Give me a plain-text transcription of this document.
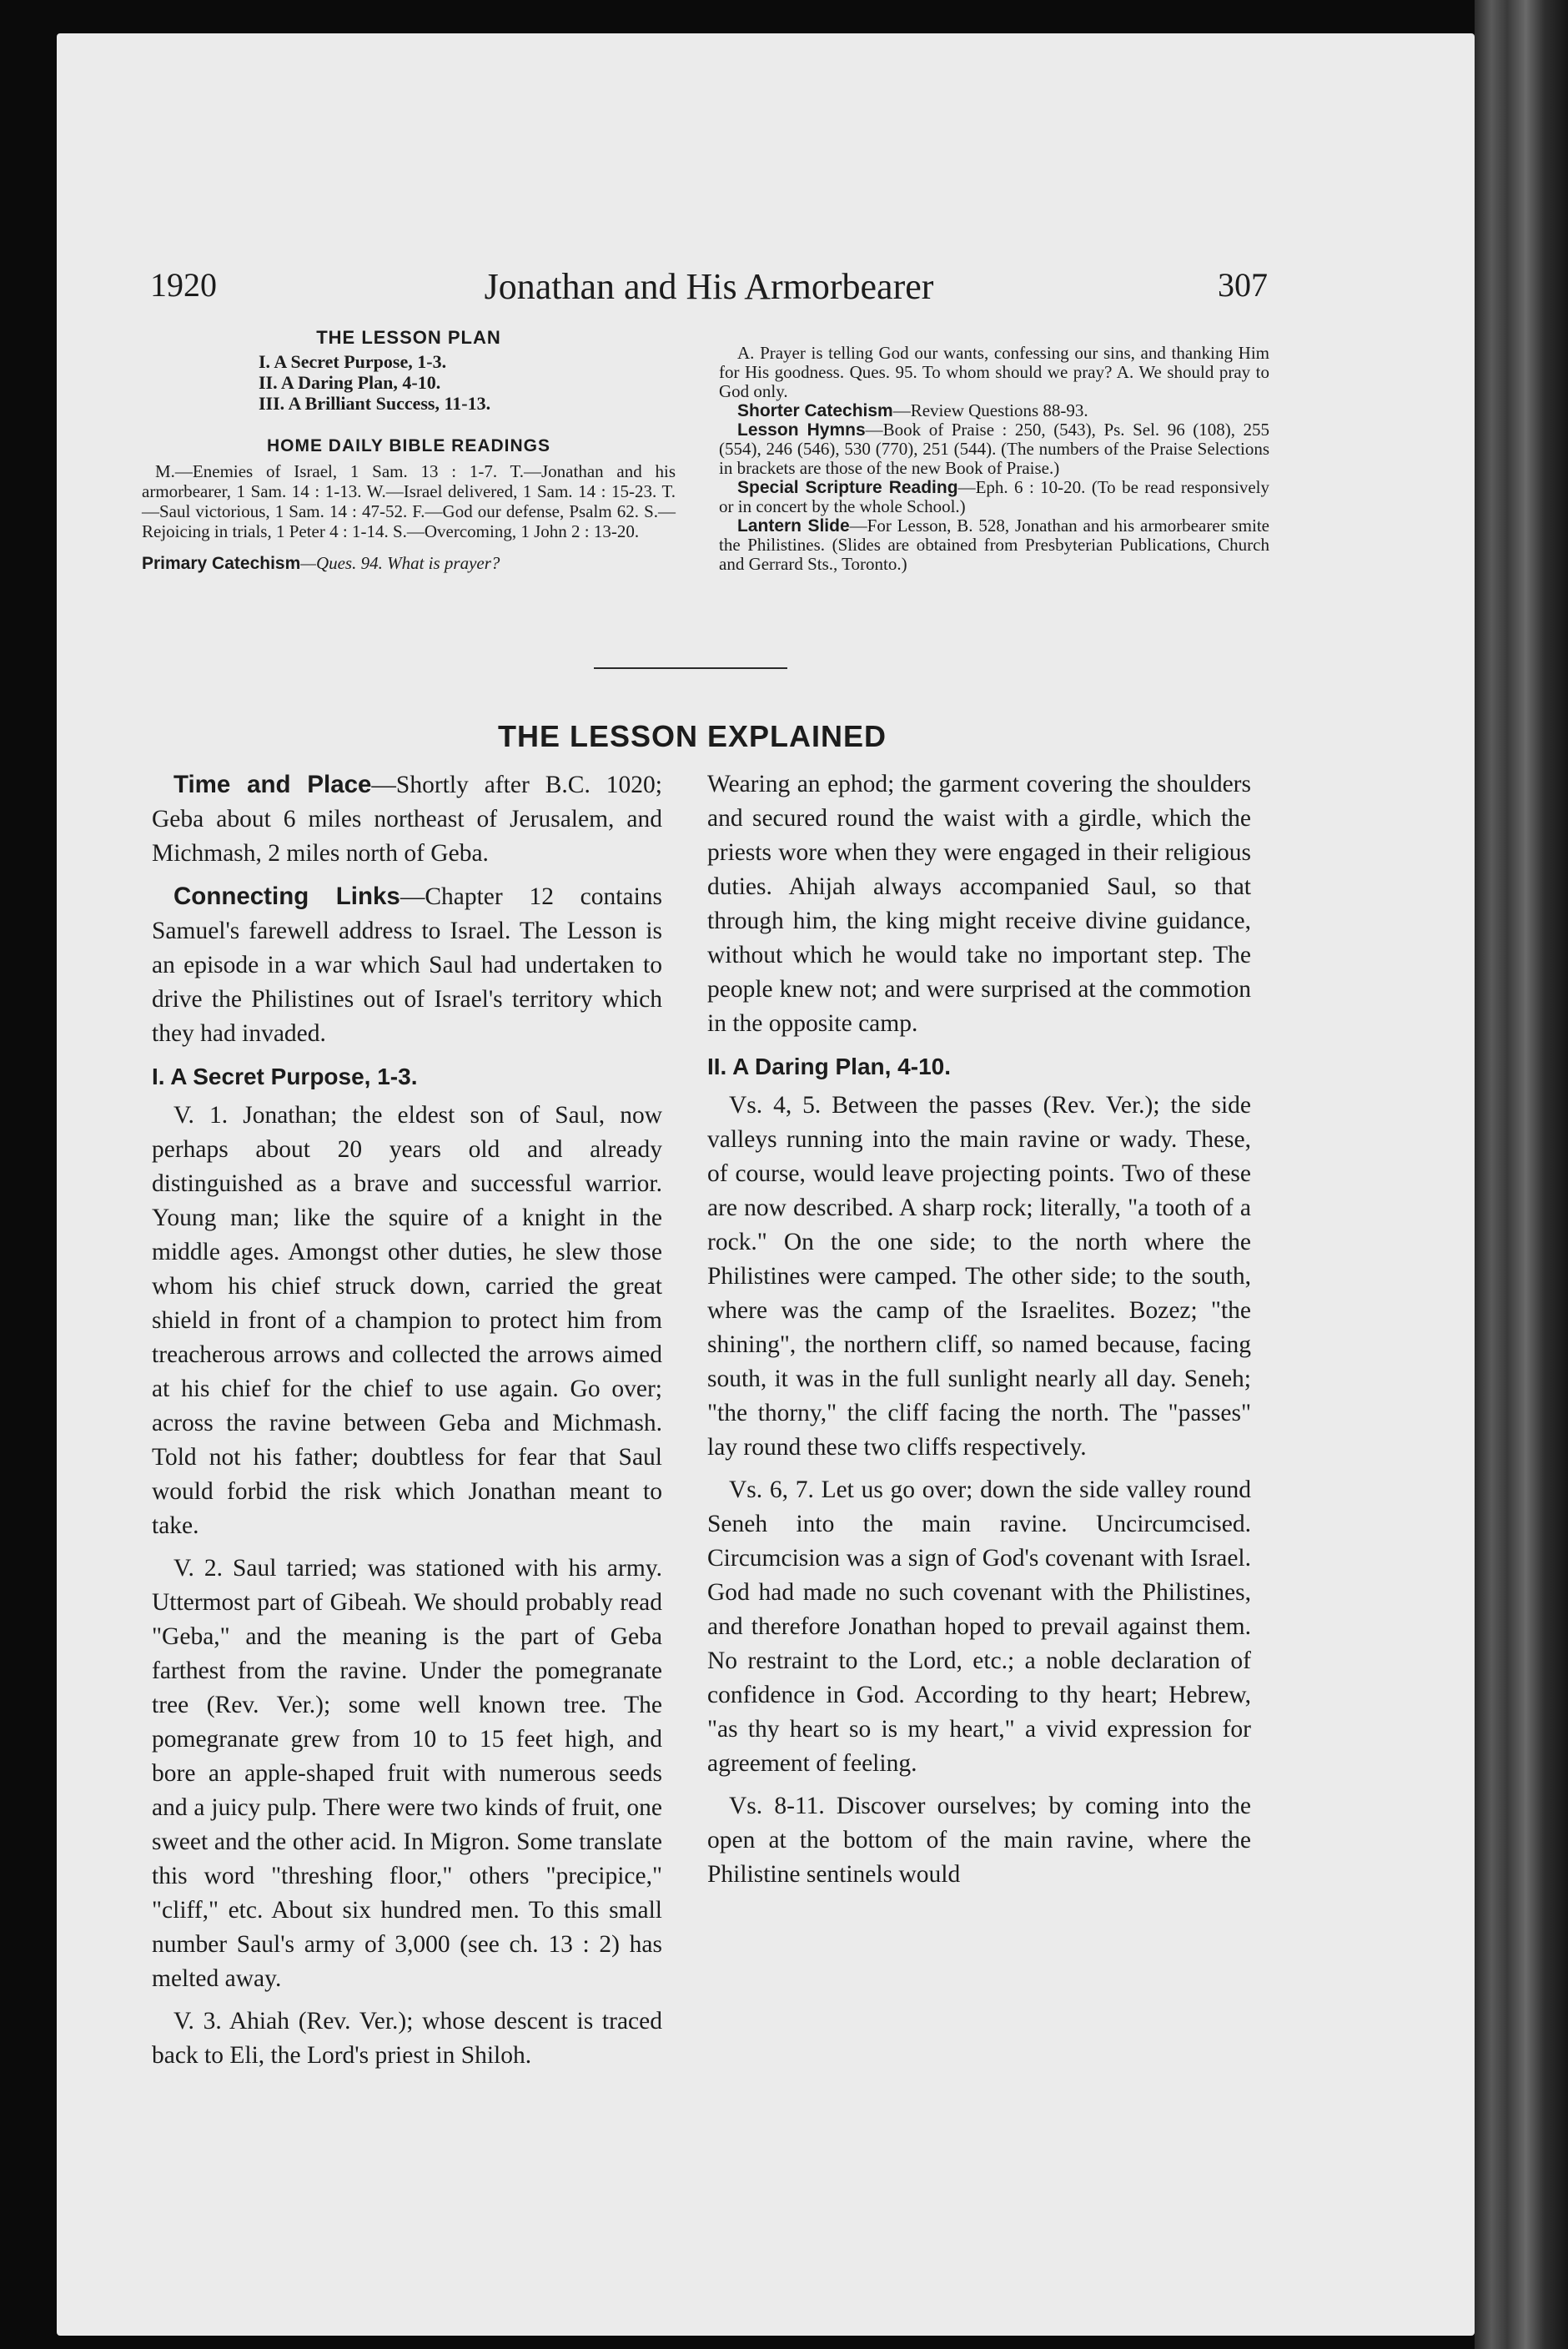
1920	Jonathan and His Armorbearer	307
THE LESSON PLAN
I. A Secret Purpose, 1-3.
II. A Daring Plan, 4-10.
III. A Brilliant Success, 11-13.
HOME DAILY BIBLE READINGS

M.—Enemies of Israel, 1 Sam. 13 : 1-7. T.—Jonathan and his armorbearer, 1 Sam. 14 : 1-13. W.—Israel delivered, 1 Sam. 14 : 15-23. T.—Saul victorious, 1 Sam. 14 : 47-52. F.—God our defense, Psalm 62. S.—Rejoicing in trials, 1 Peter 4 : 1-14. S.—Overcoming, 1 John 2 : 13-20.

Primary Catechism—Ques. 94. What is prayer?

A. Prayer is telling God our wants, confessing our sins, and thanking Him for His goodness. Ques. 95. To whom should we pray? A. We should pray to God only.

Shorter Catechism—Review Questions 88-93.

Lesson Hymns—Book of Praise : 250, (543), Ps. Sel. 96 (108), 255 (554), 246 (546), 530 (770), 251 (544). (The numbers of the Praise Selections in brackets are those of the new Book of Praise.)

Special Scripture Reading—Eph. 6 : 10-20. (To be read responsively or in concert by the whole School.)

Lantern Slide—For Lesson, B. 528, Jonathan and his armorbearer smite the Philistines. (Slides are obtained from Presbyterian Publications, Church and Gerrard Sts., Toronto.)

THE LESSON EXPLAINED

Time and Place—Shortly after B.C. 1020; Geba about 6 miles northeast of Jerusalem, and Michmash, 2 miles north of Geba.

Connecting Links—Chapter 12 contains Samuel's farewell address to Israel. The Lesson is an episode in a war which Saul had undertaken to drive the Philistines out of Israel's territory which they had invaded.

I. A Secret Purpose, 1-3.

V. 1. Jonathan; the eldest son of Saul, now perhaps about 20 years old and already distinguished as a brave and successful warrior. Young man; like the squire of a knight in the middle ages. Amongst other duties, he slew those whom his chief struck down, carried the great shield in front of a champion to protect him from treacherous arrows and collected the arrows aimed at his chief for the chief to use again. Go over; across the ravine between Geba and Michmash. Told not his father; doubtless for fear that Saul would forbid the risk which Jonathan meant to take.

V. 2. Saul tarried; was stationed with his army. Uttermost part of Gibeah. We should probably read "Geba," and the meaning is the part of Geba farthest from the ravine. Under the pomegranate tree (Rev. Ver.); some well known tree. The pomegranate grew from 10 to 15 feet high, and bore an apple-shaped fruit with numerous seeds and a juicy pulp. There were two kinds of fruit, one sweet and the other acid. In Migron. Some translate this word "threshing floor," others "precipice," "cliff," etc. About six hundred men. To this small number Saul's army of 3,000 (see ch. 13 : 2) has melted away.

V. 3. Ahiah (Rev. Ver.); whose descent is traced back to Eli, the Lord's priest in Shiloh.

Wearing an ephod; the garment covering the shoulders and secured round the waist with a girdle, which the priests wore when they were engaged in their religious duties. Ahijah always accompanied Saul, so that through him, the king might receive divine guidance, without which he would take no important step. The people knew not; and were surprised at the commotion in the opposite camp.

II. A Daring Plan, 4-10.

Vs. 4, 5. Between the passes (Rev. Ver.); the side valleys running into the main ravine or wady. These, of course, would leave projecting points. Two of these are now described. A sharp rock; literally, "a tooth of a rock." On the one side; to the north where the Philistines were camped. The other side; to the south, where was the camp of the Israelites. Bozez; "the shining", the northern cliff, so named because, facing south, it was in the full sunlight nearly all day. Seneh; "the thorny," the cliff facing the north. The "passes" lay round these two cliffs respectively.

Vs. 6, 7. Let us go over; down the side valley round Seneh into the main ravine. Uncircumcised. Circumcision was a sign of God's covenant with Israel. God had made no such covenant with the Philistines, and therefore Jonathan hoped to prevail against them. No restraint to the Lord, etc.; a noble declaration of confidence in God. According to thy heart; Hebrew, "as thy heart so is my heart," a vivid expression for agreement of feeling.

Vs. 8-11. Discover ourselves; by coming into the open at the bottom of the main ravine, where the Philistine sentinels would
